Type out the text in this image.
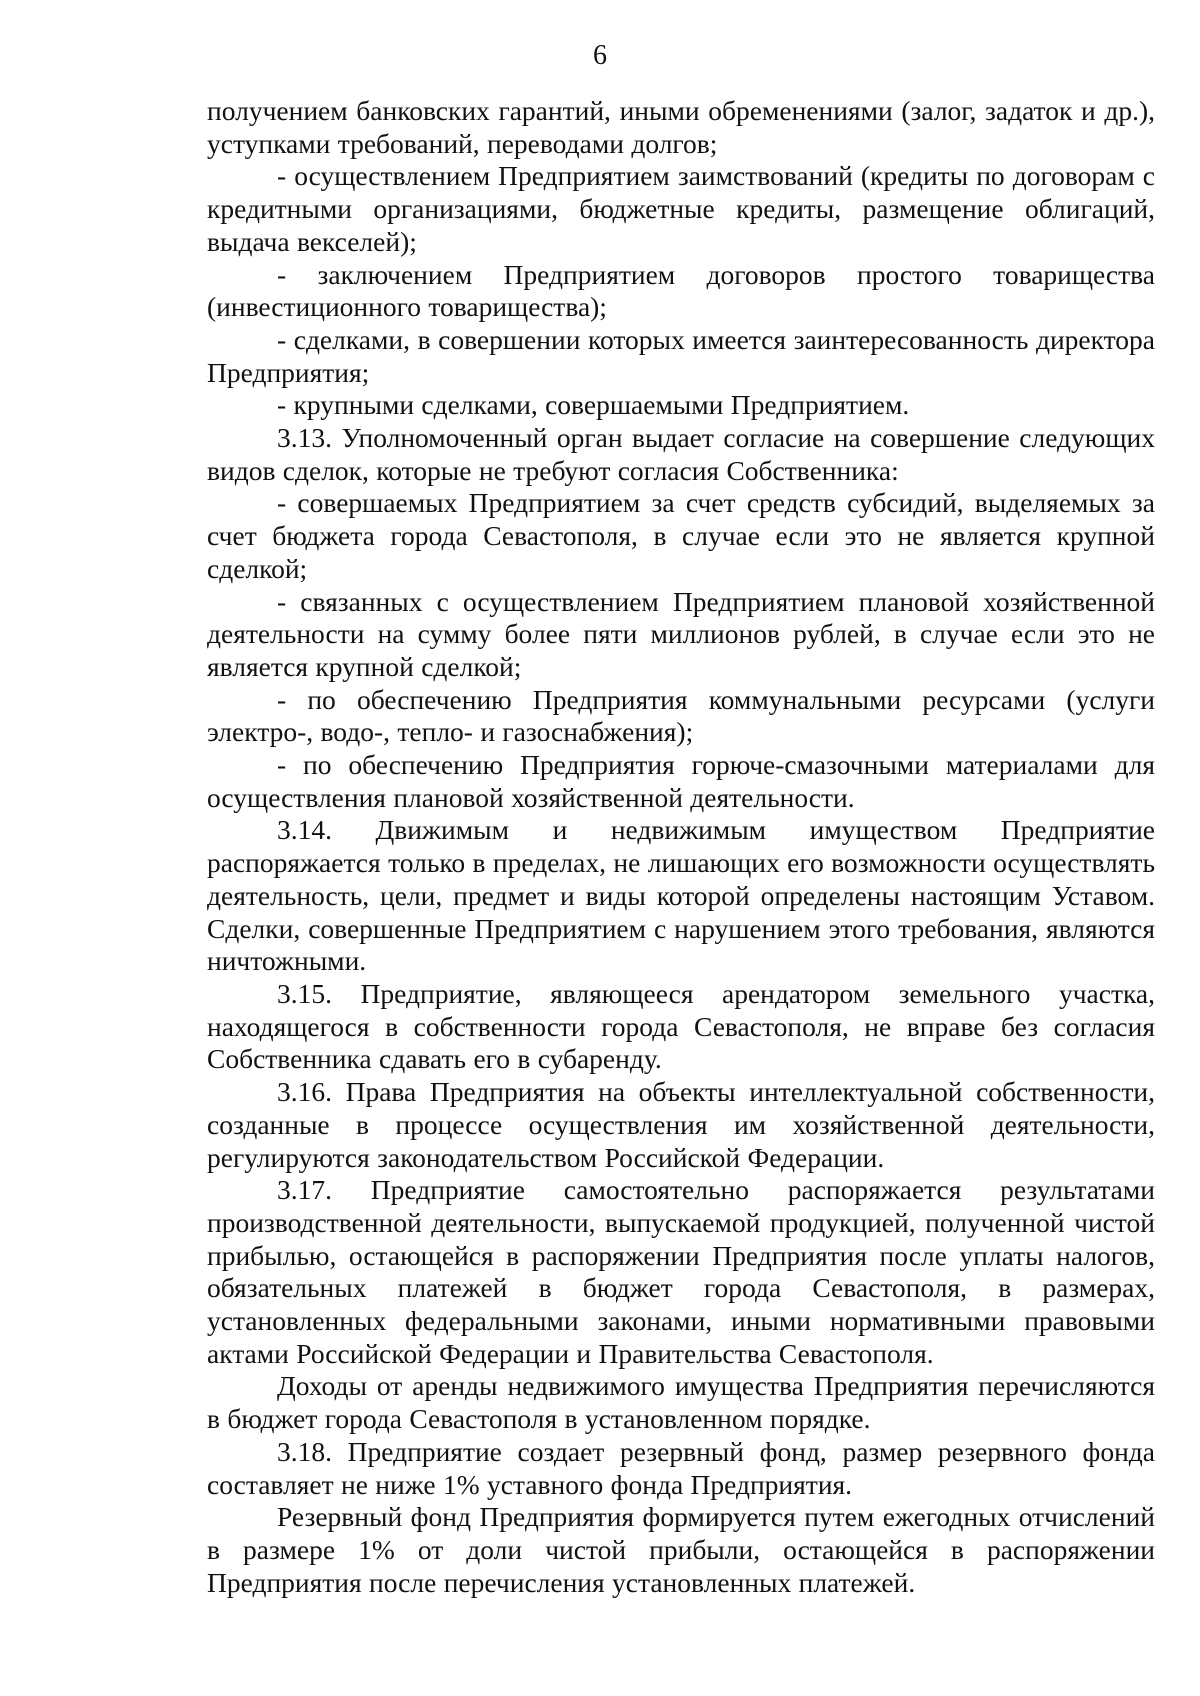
6

получением банковских гарантий, иными обременениями (залог, задаток и др.), уступками требований, переводами долгов;

- осуществлением Предприятием заимствований (кредиты по договорам с кредитными организациями, бюджетные кредиты, размещение облигаций, выдача векселей);

- заключением Предприятием договоров простого товарищества (инвестиционного товарищества);

- сделками, в совершении которых имеется заинтересованность директора Предприятия;

- крупными сделками, совершаемыми Предприятием.

3.13. Уполномоченный орган выдает согласие на совершение следующих видов сделок, которые не требуют согласия Собственника:

- совершаемых Предприятием за счет средств субсидий, выделяемых за счет бюджета города Севастополя, в случае если это не является крупной сделкой;

- связанных с осуществлением Предприятием плановой хозяйственной деятельности на сумму более пяти миллионов рублей, в случае если это не является крупной сделкой;

- по обеспечению Предприятия коммунальными ресурсами (услуги электро-, водо-, тепло- и газоснабжения);

- по обеспечению Предприятия горюче-смазочными материалами для осуществления плановой хозяйственной деятельности.

3.14. Движимым и недвижимым имуществом Предприятие распоряжается только в пределах, не лишающих его возможности осуществлять деятельность, цели, предмет и виды которой определены настоящим Уставом. Сделки, совершенные Предприятием с нарушением этого требования, являются ничтожными.

3.15. Предприятие, являющееся арендатором земельного участка, находящегося в собственности города Севастополя, не вправе без согласия Собственника сдавать его в субаренду.

3.16. Права Предприятия на объекты интеллектуальной собственности, созданные в процессе осуществления им хозяйственной деятельности, регулируются законодательством Российской Федерации.

3.17. Предприятие самостоятельно распоряжается результатами производственной деятельности, выпускаемой продукцией, полученной чистой прибылью, остающейся в распоряжении Предприятия после уплаты налогов, обязательных платежей в бюджет города Севастополя, в размерах, установленных федеральными законами, иными нормативными правовыми актами Российской Федерации и Правительства Севастополя.

Доходы от аренды недвижимого имущества Предприятия перечисляются в бюджет города Севастополя в установленном порядке.

3.18. Предприятие создает резервный фонд, размер резервного фонда составляет не ниже 1% уставного фонда Предприятия.

Резервный фонд Предприятия формируется путем ежегодных отчислений в размере 1% от доли чистой прибыли, остающейся в распоряжении Предприятия после перечисления установленных платежей.
